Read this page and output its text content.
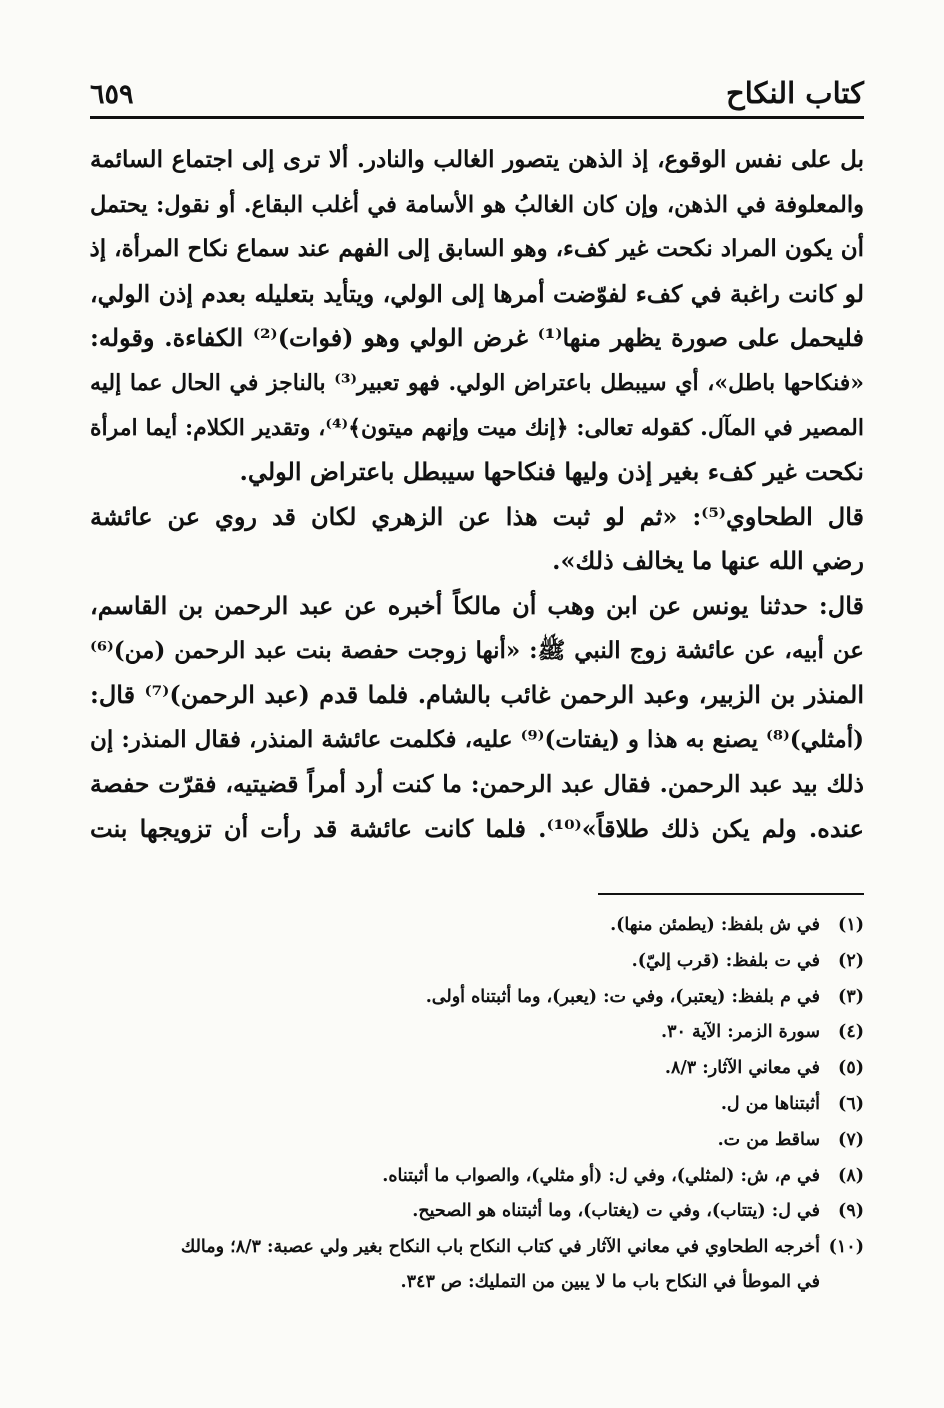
كتاب النكاح
٦٥٩
بل على نفس الوقوع، إذ الذهن يتصور الغالب والنادر. ألا ترى إلى اجتماع السائمة
والمعلوفة في الذهن، وإن كان الغالبُ هو الأسامة في أغلب البقاع. أو نقول: يحتمل
أن يكون المراد نكحت غير كفء، وهو السابق إلى الفهم عند سماع نكاح المرأة، إذ
لو كانت راغبة في كفء لفوّضت أمرها إلى الولي، ويتأيد بتعليله بعدم إذن الولي،
فليحمل على صورة يظهر منها⁽¹⁾ غرض الولي وهو (فوات)⁽²⁾ الكفاءة. وقوله:
«فنكاحها باطل»، أي سيبطل باعتراض الولي. فهو تعبير⁽³⁾ بالناجز في الحال عما إليه
المصير في المآل. كقوله تعالى: ﴿إنك ميت وإنهم ميتون﴾⁽⁴⁾، وتقدير الكلام: أيما امرأة
نكحت غير كفء بغير إذن وليها فنكاحها سيبطل باعتراض الولي.
قال الطحاوي⁽⁵⁾: «ثم لو ثبت هذا عن الزهري لكان قد روي عن عائشة
رضي الله عنها ما يخالف ذلك».
قال: حدثنا يونس عن ابن وهب أن مالكاً أخبره عن عبد الرحمن بن القاسم،
عن أبيه، عن عائشة زوج النبي ﷺ: «أنها زوجت حفصة بنت عبد الرحمن (من)⁽⁶⁾
المنذر بن الزبير، وعبد الرحمن غائب بالشام. فلما قدم (عبد الرحمن)⁽⁷⁾ قال:
(أمثلي)⁽⁸⁾ يصنع به هذا و (يفتات)⁽⁹⁾ عليه، فكلمت عائشة المنذر، فقال المنذر: إن
ذلك بيد عبد الرحمن. فقال عبد الرحمن: ما كنت أرد أمراً قضيتيه، فقرّت حفصة
عنده. ولم يكن ذلك طلاقاً»⁽¹⁰⁾. فلما كانت عائشة قد رأت أن تزويجها بنت
(١)في ش بلفظ: (يطمئن منها).
(٢)في ت بلفظ: (قرب إليّ).
(٣)في م بلفظ: (يعتبر)، وفي ت: (يعبر)، وما أثبتناه أولى.
(٤)سورة الزمر: الآية ٣٠.
(٥)في معاني الآثار: ٨/٣.
(٦)أثبتناها من ل.
(٧)ساقط من ت.
(٨)في م، ش: (لمثلي)، وفي ل: (أو مثلي)، والصواب ما أثبتناه.
(٩)في ل: (يتتاب)، وفي ت (يغتاب)، وما أثبتناه هو الصحيح.
(١٠)أخرجه الطحاوي في معاني الآثار في كتاب النكاح باب النكاح بغير ولي عصبة: ٨/٣؛ ومالك
في الموطأ في النكاح باب ما لا يبين من التمليك: ص ٣٤٣.
